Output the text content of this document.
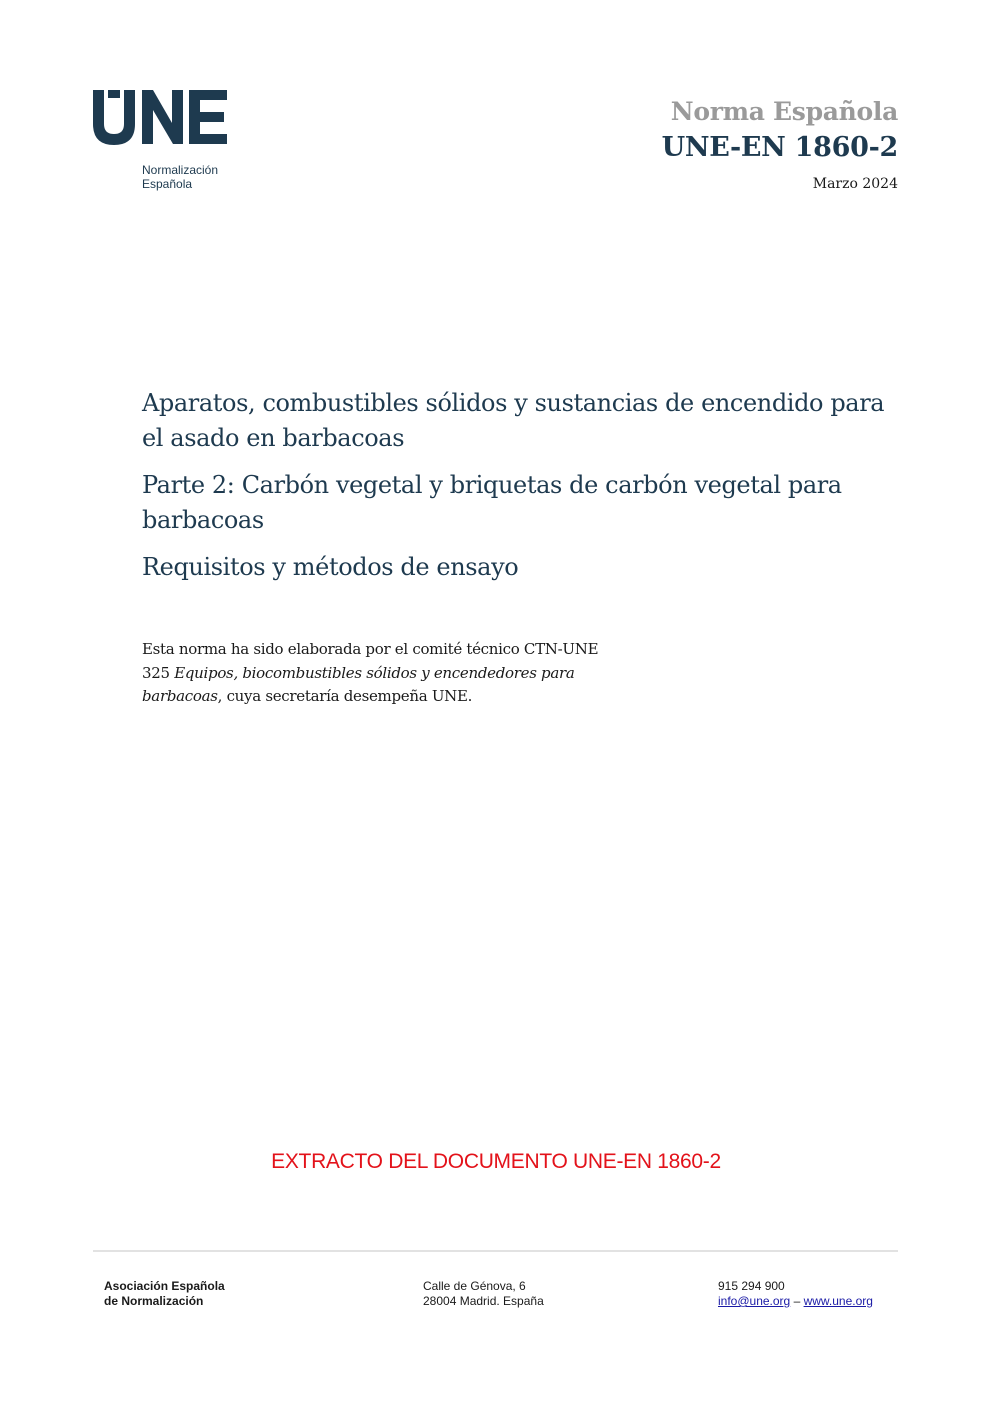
Normalización
Española
Norma Española
UNE-EN 1860-2
Marzo 2024
Aparatos, combustibles sólidos y sustancias de encendido para el asado en barbacoas
Parte 2: Carbón vegetal y briquetas de carbón vegetal para barbacoas
Requisitos y métodos de ensayo
Esta norma ha sido elaborada por el comité técnico CTN-UNE 325 Equipos, biocombustibles sólidos y encendedores para barbacoas, cuya secretaría desempeña UNE.
EXTRACTO DEL DOCUMENTO UNE-EN 1860-2
Asociación Española
de Normalización
Calle de Génova, 6
28004 Madrid. España
915 294 900
info@une.org – www.une.org
